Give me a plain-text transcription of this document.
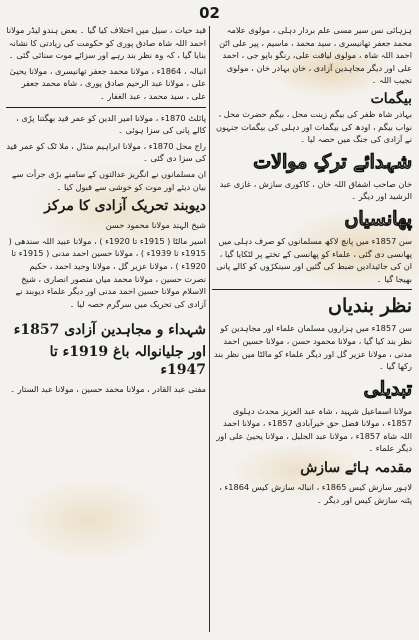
02

ہزہائی نس سیر مسی علم بردار دہلی ، مولوی علامہ محمد جعفر تھانیسری ، سید محمد ، ماسیم ، پیر علی اٹن احمد اللہ شاہ ، مولوی لیاقت علی، رنگو باپو جی ، احمد علی اور دیگر مجاہدین آزادی ، خان بہادر خان ، مولوی نجیب اللہ ۔

بیگمات

بہادر شاہ ظفر کی بیگم زینت محل ، بیگم حضرت محل ، نواب بیگم ، اودھ کی بیگمات اور دہلی کی بیگمات جنہوں نے آزادی کی جنگ میں حصہ لیا ۔

شہدائے ترکِ موالات

خان صاحب اشفاق اللہ خان ، کاکوری سازش ، غازی عبد الرشید اور دیگر ۔

پھانسیاں

سن 1857ء میں پانچ لاکھ مسلمانوں کو صرف دہلی میں پھانسی دی گئی ، علماء کو پھانسی کے تختے پر لٹکایا گیا ، ان کی جائیدادیں ضبط کی گئیں اور سینکڑوں کو کالے پانی بھیجا گیا ۔

نظر بندیاں

سن 1857ء میں ہزاروں مسلمان علماء اور مجاہدین کو نظر بند کیا گیا ، مولانا محمود حسن ، مولانا حسین احمد مدنی ، مولانا عزیر گل اور دیگر علماء کو مالٹا میں نظر بند رکھا گیا ۔

تبدیلی

مولانا اسماعیل شہید ، شاہ عبد العزیز محدث دہلوی 1857ء ، مولانا فضل حق خیرآبادی 1857ء ، مولانا احمد اللہ شاہ 1857ء ، مولانا عبد الجلیل ، مولانا یحییٰ علی اور دیگر علماء ۔

مقدمہ ہائے سازش

لاہور سازش کیس 1865ء ، انبالہ سازش کیس 1864ء ، پٹنہ سازش کیس اور دیگر ۔

قید حیات ، سیل میں اختلاف کیا گیا ۔ بعض ہندو لیڈر مولانا احمد اللہ شاہ صادق پوری کو حکومت کی زیادتی کا نشانہ بنایا گیا ، کہ وہ نظر بند رہے اور سزائے موت سنائی گئی ۔

انبالہ ، 1864ء ، مولانا محمد جعفر تھانیسری ، مولانا یحییٰ علی ، مولانا عبد الرحیم صادق پوری ، شاہ محمد جعفر علی ، سید محمد ، عبد الغفار ۔

پائلٹ 1870ء ، مولانا امیر الدین کو عمر قید بھگتنا پڑی ، کالے پانی کی سزا ہوئی ۔

راج محل 1870ء ، مولانا ابراہیم منڈل ، ملا ٹک کو عمر قید کی سزا دی گئی ۔

ان مسلمانوں نے انگریز عدالتوں کے سامنے بڑی جرأت سے بیان دیئے اور موت کو خوشی سے قبول کیا ۔

دیوبند تحریک آزادی کا مرکز

شیخ الہند مولانا محمود حسن

اسیر مالٹا ( 1915ء تا 1920ء ) ، مولانا عبید اللہ سندھی ( 1915ء تا 1939ء ) ، مولانا حسین احمد مدنی ( 1915ء تا 1920ء ) ، مولانا عزیر گل ، مولانا وحید احمد ، حکیم نصرت حسین ، مولانا محمد میاں منصور انصاری ، شیخ الاسلام مولانا حسین احمد مدنی اور دیگر علماء دیوبند نے آزادی کی تحریک میں سرگرم حصہ لیا ۔

شہداء و مجاہدین آزادی 1857ء
اور جلیانوالہ باغ 1919ء تا 1947ء

مفتی عبد القادر ، مولانا محمد حسین ، مولانا عبد الستار ۔
